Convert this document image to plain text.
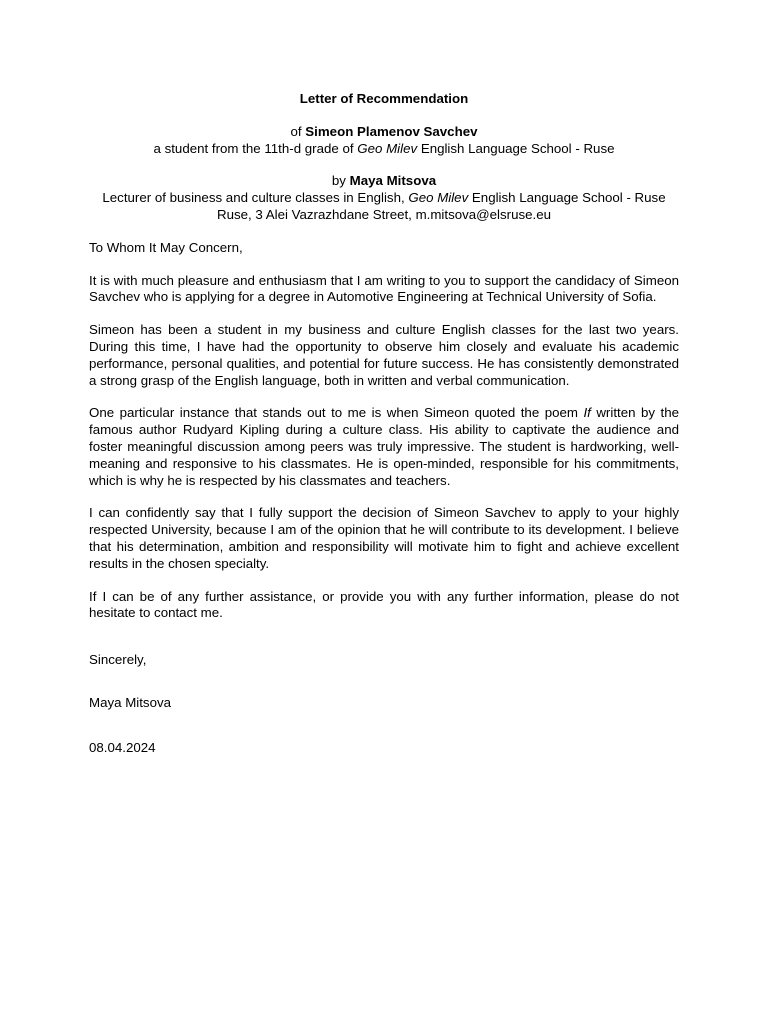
Letter of Recommendation

of Simeon Plamenov Savchev

a student from the 11th-d grade of Geo Milev English Language School - Ruse

by Maya Mitsova

Lecturer of business and culture classes in English, Geo Milev English Language School - Ruse

Ruse, 3 Alei Vazrazhdane Street, m.mitsova@elsruse.eu

To Whom It May Concern,

It is with much pleasure and enthusiasm that I am writing to you to support the candidacy of Simeon Savchev who is applying for a degree in Automotive Engineering at Technical University of Sofia.

Simeon has been a student in my business and culture English classes for the last two years. During this time, I have had the opportunity to observe him closely and evaluate his academic performance, personal qualities, and potential for future success. He has consistently demonstrated a strong grasp of the English language, both in written and verbal communication.

One particular instance that stands out to me is when Simeon quoted the poem If written by the famous author Rudyard Kipling during a culture class. His ability to captivate the audience and foster meaningful discussion among peers was truly impressive. The student is hardworking, well-meaning and responsive to his classmates. He is open-minded, responsible for his commitments, which is why he is respected by his classmates and teachers.

I can confidently say that I fully support the decision of Simeon Savchev to apply to your highly respected University, because I am of the opinion that he will contribute to its development. I believe that his determination, ambition and responsibility will motivate him to fight and achieve excellent results in the chosen specialty.

If I can be of any further assistance, or provide you with any further information, please do not hesitate to contact me.

Sincerely,

Maya Mitsova

08.04.2024
